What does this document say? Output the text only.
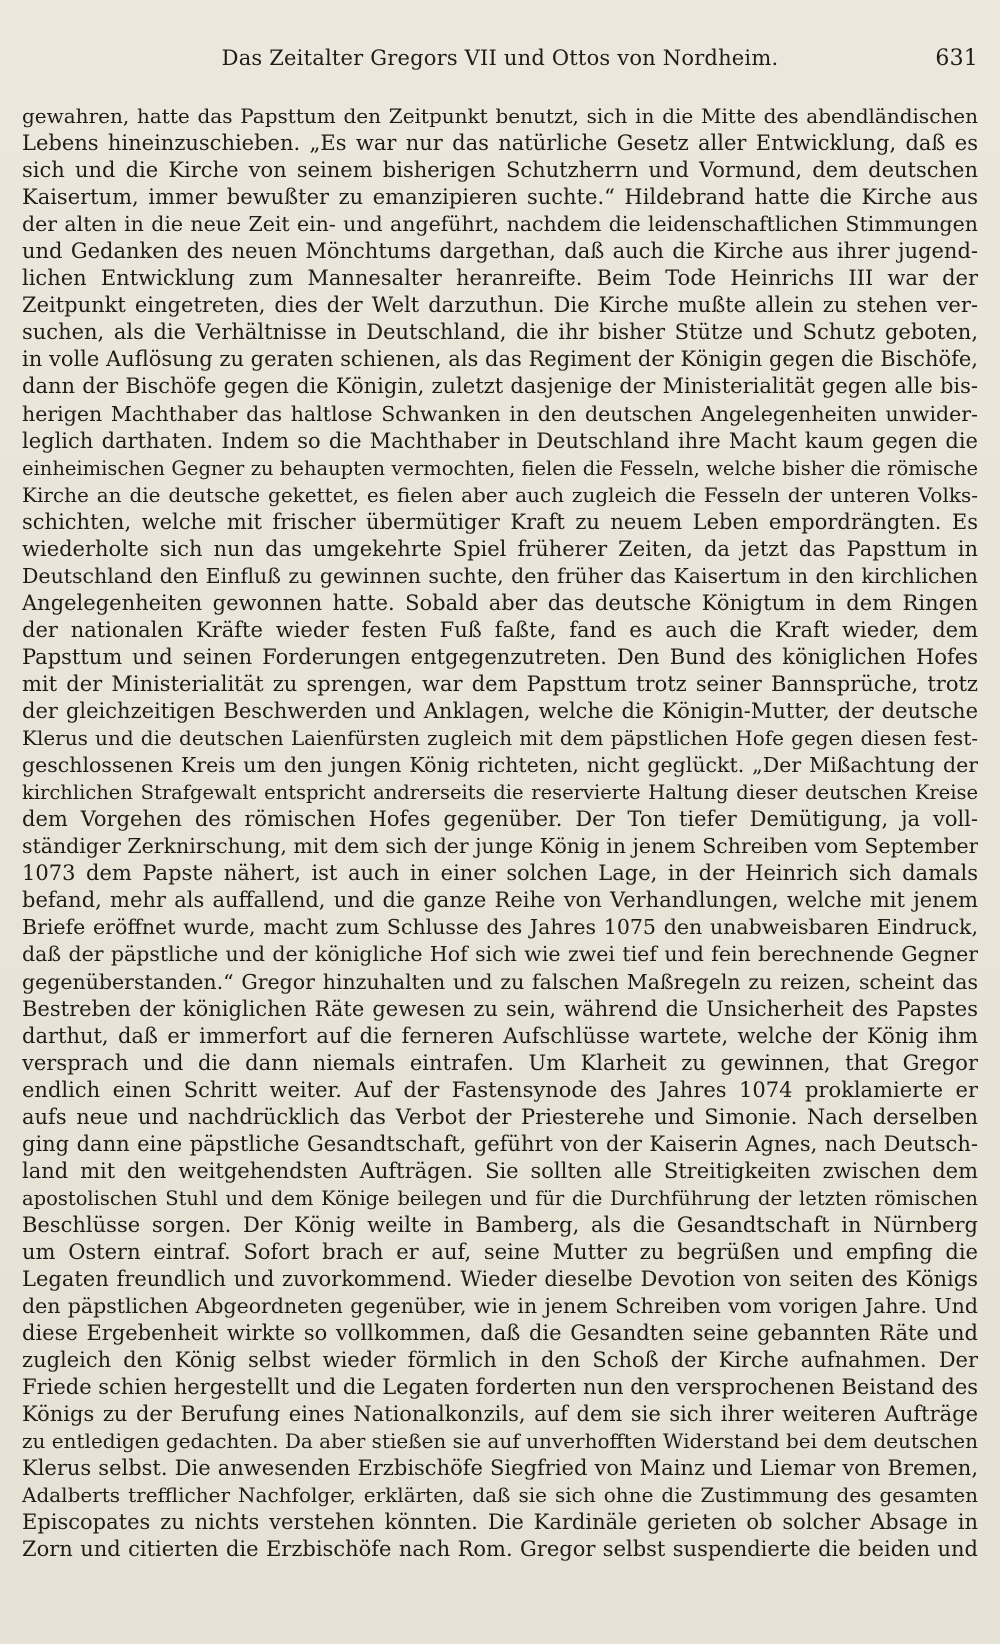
Das Zeitalter Gregors VII und Ottos von Nordheim.	631
gewahren, hatte das Papsttum den Zeitpunkt benutzt, sich in die Mitte des abendländischen
Lebens hineinzuschieben. „Es war nur das natürliche Gesetz aller Entwicklung, daß es
sich und die Kirche von seinem bisherigen Schutzherrn und Vormund, dem deutschen
Kaisertum, immer bewußter zu emanzipieren suchte.“ Hildebrand hatte die Kirche aus
der alten in die neue Zeit ein- und angeführt, nachdem die leidenschaftlichen Stimmungen
und Gedanken des neuen Mönchtums dargethan, daß auch die Kirche aus ihrer jugend-
lichen Entwicklung zum Mannesalter heranreifte. Beim Tode Heinrichs III war der
Zeitpunkt eingetreten, dies der Welt darzuthun. Die Kirche mußte allein zu stehen ver-
suchen, als die Verhältnisse in Deutschland, die ihr bisher Stütze und Schutz geboten,
in volle Auflösung zu geraten schienen, als das Regiment der Königin gegen die Bischöfe,
dann der Bischöfe gegen die Königin, zuletzt dasjenige der Ministerialität gegen alle bis-
herigen Machthaber das haltlose Schwanken in den deutschen Angelegenheiten unwider-
leglich darthaten. Indem so die Machthaber in Deutschland ihre Macht kaum gegen die
einheimischen Gegner zu behaupten vermochten, fielen die Fesseln, welche bisher die römische
Kirche an die deutsche gekettet, es fielen aber auch zugleich die Fesseln der unteren Volks-
schichten, welche mit frischer übermütiger Kraft zu neuem Leben empordrängten. Es
wiederholte sich nun das umgekehrte Spiel früherer Zeiten, da jetzt das Papsttum in
Deutschland den Einfluß zu gewinnen suchte, den früher das Kaisertum in den kirchlichen
Angelegenheiten gewonnen hatte. Sobald aber das deutsche Königtum in dem Ringen
der nationalen Kräfte wieder festen Fuß faßte, fand es auch die Kraft wieder, dem
Papsttum und seinen Forderungen entgegenzutreten. Den Bund des königlichen Hofes
mit der Ministerialität zu sprengen, war dem Papsttum trotz seiner Bannsprüche, trotz
der gleichzeitigen Beschwerden und Anklagen, welche die Königin-Mutter, der deutsche
Klerus und die deutschen Laienfürsten zugleich mit dem päpstlichen Hofe gegen diesen fest-
geschlossenen Kreis um den jungen König richteten, nicht geglückt. „Der Mißachtung der
kirchlichen Strafgewalt entspricht andrerseits die reservierte Haltung dieser deutschen Kreise
dem Vorgehen des römischen Hofes gegenüber. Der Ton tiefer Demütigung, ja voll-
ständiger Zerknirschung, mit dem sich der junge König in jenem Schreiben vom September
1073 dem Papste nähert, ist auch in einer solchen Lage, in der Heinrich sich damals
befand, mehr als auffallend, und die ganze Reihe von Verhandlungen, welche mit jenem
Briefe eröffnet wurde, macht zum Schlusse des Jahres 1075 den unabweisbaren Eindruck,
daß der päpstliche und der königliche Hof sich wie zwei tief und fein berechnende Gegner
gegenüberstanden.“ Gregor hinzuhalten und zu falschen Maßregeln zu reizen, scheint das
Bestreben der königlichen Räte gewesen zu sein, während die Unsicherheit des Papstes
darthut, daß er immerfort auf die ferneren Aufschlüsse wartete, welche der König ihm
versprach und die dann niemals eintrafen. Um Klarheit zu gewinnen, that Gregor
endlich einen Schritt weiter. Auf der Fastensynode des Jahres 1074 proklamierte er
aufs neue und nachdrücklich das Verbot der Priesterehe und Simonie. Nach derselben
ging dann eine päpstliche Gesandtschaft, geführt von der Kaiserin Agnes, nach Deutsch-
land mit den weitgehendsten Aufträgen. Sie sollten alle Streitigkeiten zwischen dem
apostolischen Stuhl und dem Könige beilegen und für die Durchführung der letzten römischen
Beschlüsse sorgen. Der König weilte in Bamberg, als die Gesandtschaft in Nürnberg
um Ostern eintraf. Sofort brach er auf, seine Mutter zu begrüßen und empfing die
Legaten freundlich und zuvorkommend. Wieder dieselbe Devotion von seiten des Königs
den päpstlichen Abgeordneten gegenüber, wie in jenem Schreiben vom vorigen Jahre. Und
diese Ergebenheit wirkte so vollkommen, daß die Gesandten seine gebannten Räte und
zugleich den König selbst wieder förmlich in den Schoß der Kirche aufnahmen. Der
Friede schien hergestellt und die Legaten forderten nun den versprochenen Beistand des
Königs zu der Berufung eines Nationalkonzils, auf dem sie sich ihrer weiteren Aufträge
zu entledigen gedachten. Da aber stießen sie auf unverhofften Widerstand bei dem deutschen
Klerus selbst. Die anwesenden Erzbischöfe Siegfried von Mainz und Liemar von Bremen,
Adalberts trefflicher Nachfolger, erklärten, daß sie sich ohne die Zustimmung des gesamten
Episcopates zu nichts verstehen könnten. Die Kardinäle gerieten ob solcher Absage in
Zorn und citierten die Erzbischöfe nach Rom. Gregor selbst suspendierte die beiden und
